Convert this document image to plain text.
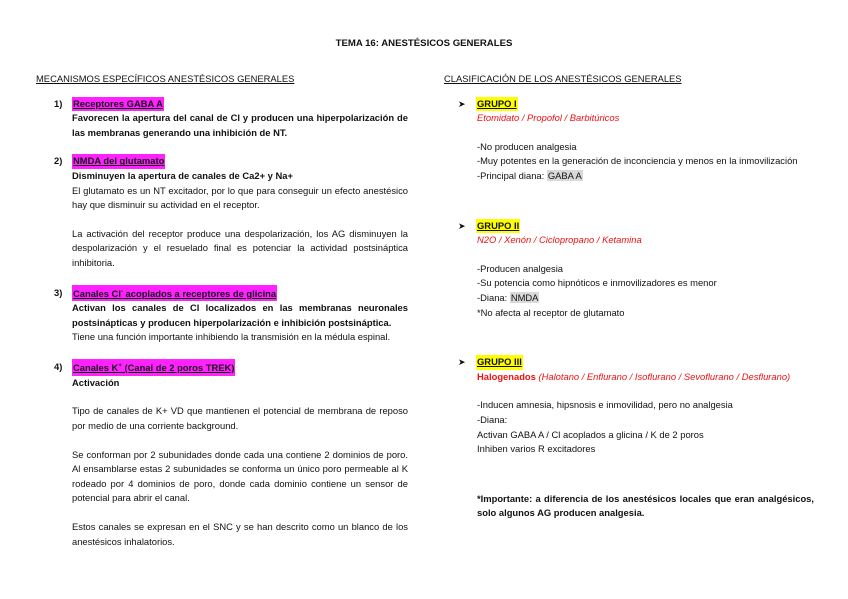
TEMA 16: ANESTÉSICOS GENERALES
MECANISMOS ESPECÍFICOS ANESTÉSICOS GENERALES
1)	Receptores GABA A
Favorecen la apertura del canal de Cl y producen una hiperpolarización de las membranas generando una inhibición de NT.
2)	NMDA del glutamato
Disminuyen la apertura de canales de Ca2+ y Na+
El glutamato es un NT excitador, por lo que para conseguir un efecto anestésico hay que disminuir su actividad en el receptor.
La activación del receptor produce una despolarización, los AG disminuyen la despolarización y el resuelado final es potenciar la actividad postsináptica inhibitoria.
3)	Canales Cl- acoplados a receptores de glicina
Activan los canales de Cl localizados en las membranas neuronales postsinápticas y producen hiperpolarización e inhibición postsináptica.
Tiene una función importante inhibiendo la transmisión en la médula espinal.
4)	Canales K+ (Canal de 2 poros TREK)
Activación
Tipo de canales de K+ VD que mantienen el potencial de membrana de reposo por medio de una corriente background.
Se conforman por 2 subunidades donde cada una contiene 2 dominios de poro. Al ensamblarse estas 2 subunidades se conforma un único poro permeable al K rodeado por 4 dominios de poro, donde cada dominio contiene un sensor de potencial para abrir el canal.
Estos canales se expresan en el SNC y se han descrito como un blanco de los anestésicos inhalatorios.
CLASIFICACIÓN DE LOS ANESTÉSICOS GENERALES
➤	GRUPO I
Etomidato / Propofol / Barbitúricos
-No producen analgesia
-Muy potentes en la generación de inconciencia y menos en la inmovilización
-Principal diana: GABA A
➤	GRUPO II
N2O / Xenón / Ciclopropano / Ketamina
-Producen analgesia
-Su potencia como hipnóticos e inmovilizadores es menor
-Diana: NMDA
*No afecta al receptor de glutamato
➤	GRUPO III
Halogenados (Halotano / Enflurano / Isoflurano / Sevoflurano / Desflurano)
-Inducen amnesia, hipsnosis e inmovilidad, pero no analgesia
-Diana:
Activan GABA A / Cl acoplados a glicina / K de 2 poros
Inhiben varios R excitadores
*Importante: a diferencia de los anestésicos locales que eran analgésicos, solo algunos AG producen analgesia.
